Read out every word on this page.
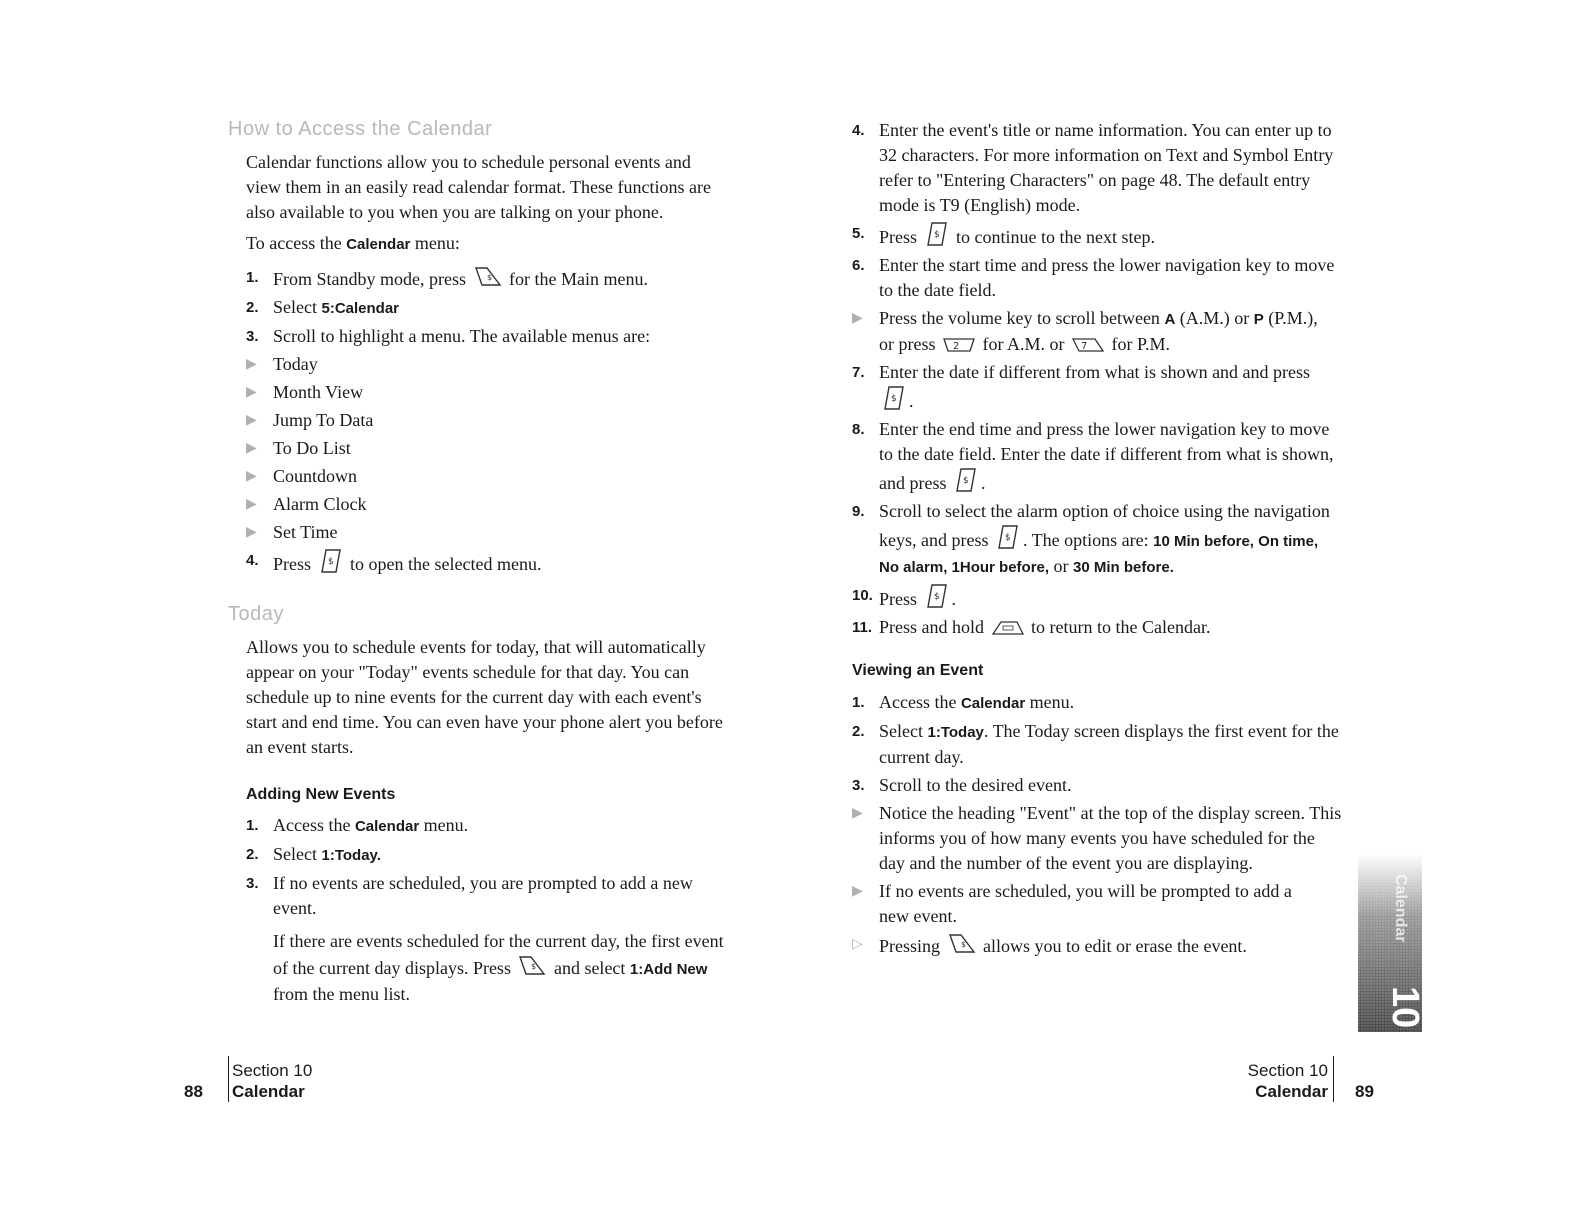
How to Access the Calendar

Calendar functions allow you to schedule personal events and view them in an easily read calendar format. These functions are also available to you when you are talking on your phone.

To access the Calendar menu:

1. From Standby mode, press $ for the Main menu.
2. Select 5:Calendar
3. Scroll to highlight a menu. The available menus are:
▶ Today
▶ Month View
▶ Jump To Data
▶ To Do List
▶ Countdown
▶ Alarm Clock
▶ Set Time
4. Press $ to open the selected menu.
Today

Allows you to schedule events for today, that will automatically appear on your "Today" events schedule for that day. You can schedule up to nine events for the current day with each event's start and end time. You can even have your phone alert you before an event starts.

Adding New Events
1. Access the Calendar menu.
2. Select 1:Today.
3. If no events are scheduled, you are prompted to add a new event.

If there are events scheduled for the current day, the first event of the current day displays. Press $ and select 1:Add New from the menu list.

4. Enter the event's title or name information. You can enter up to 32 characters. For more information on Text and Symbol Entry refer to "Entering Characters" on page 48. The default entry mode is T9 (English) mode.
5. Press $ to continue to the next step.
6. Enter the start time and press the lower navigation key to move to the date field.
▶ Press the volume key to scroll between A (A.M.) or P (P.M.),
or press 2 for A.M. or 7 for P.M.
7. Enter the date if different from what is shown and and press

$ .
8. Enter the end time and press the lower navigation key to move to the date field. Enter the date if different from what is shown, and press $ .
9. Scroll to select the alarm option of choice using the navigation keys, and press $ . The options are: 10 Min before, On time, No alarm, 1Hour before, or 30 Min before.
10. Press $ .
11. Press and hold
to return to the Calendar.
Viewing an Event
1. Access the Calendar menu.
2. Select 1:Today. The Today screen displays the first event for the current day.
3. Scroll to the desired event.
▶ Notice the heading "Event" at the top of the display screen. This informs you of how many events you have scheduled for the day and the number of the event you are displaying.
▶ If no events are scheduled, you will be prompted to add a new event.
▷ Pressing $ allows you to edit or erase the event.
Calendar
10
88
Section 10
Calendar
Section 10
Calendar 89
